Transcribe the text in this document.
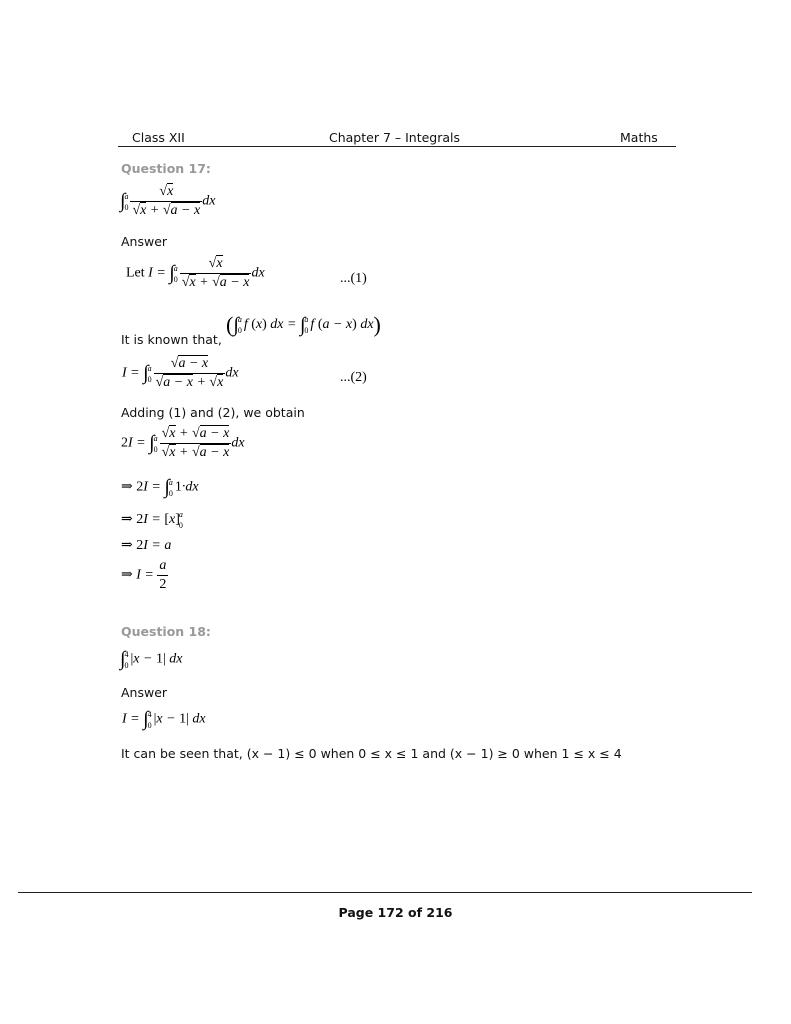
Class XII	Chapter 7 – Integrals	Maths
Question 17:
∫ a
$0 \frac{√x}{√x + √a - x}$ dx
Answer
Let I = ∫ a
$0 \frac{√x}{√x + √a - x}$ dx	...(1)
It is known that,
(∫ a
0 f (x) dx = ∫ a
0 f (a − x) dx)
I = ∫ a
$0 \frac{√a - x}{√a - x + √x}$ dx	...(2)
Adding (1) and (2), we obtain
2I = ∫ a
$0 \frac{√x + √a - x}{√x + √a - x}$ dx
⇒ 2I = ∫ a
0 1·dx
⇒ 2I = [x] a
0
⇒ 2I = a
⇒ $I = \frac{a}{2}$
Question 18:
∫ 4
0 |x − 1| dx
Answer
I = ∫ 4
0 |x − 1| dx
It can be seen that, (x − 1) ≤ 0 when 0 ≤ x ≤ 1 and (x − 1) ≥ 0 when 1 ≤ x ≤ 4
Page 172 of 216
